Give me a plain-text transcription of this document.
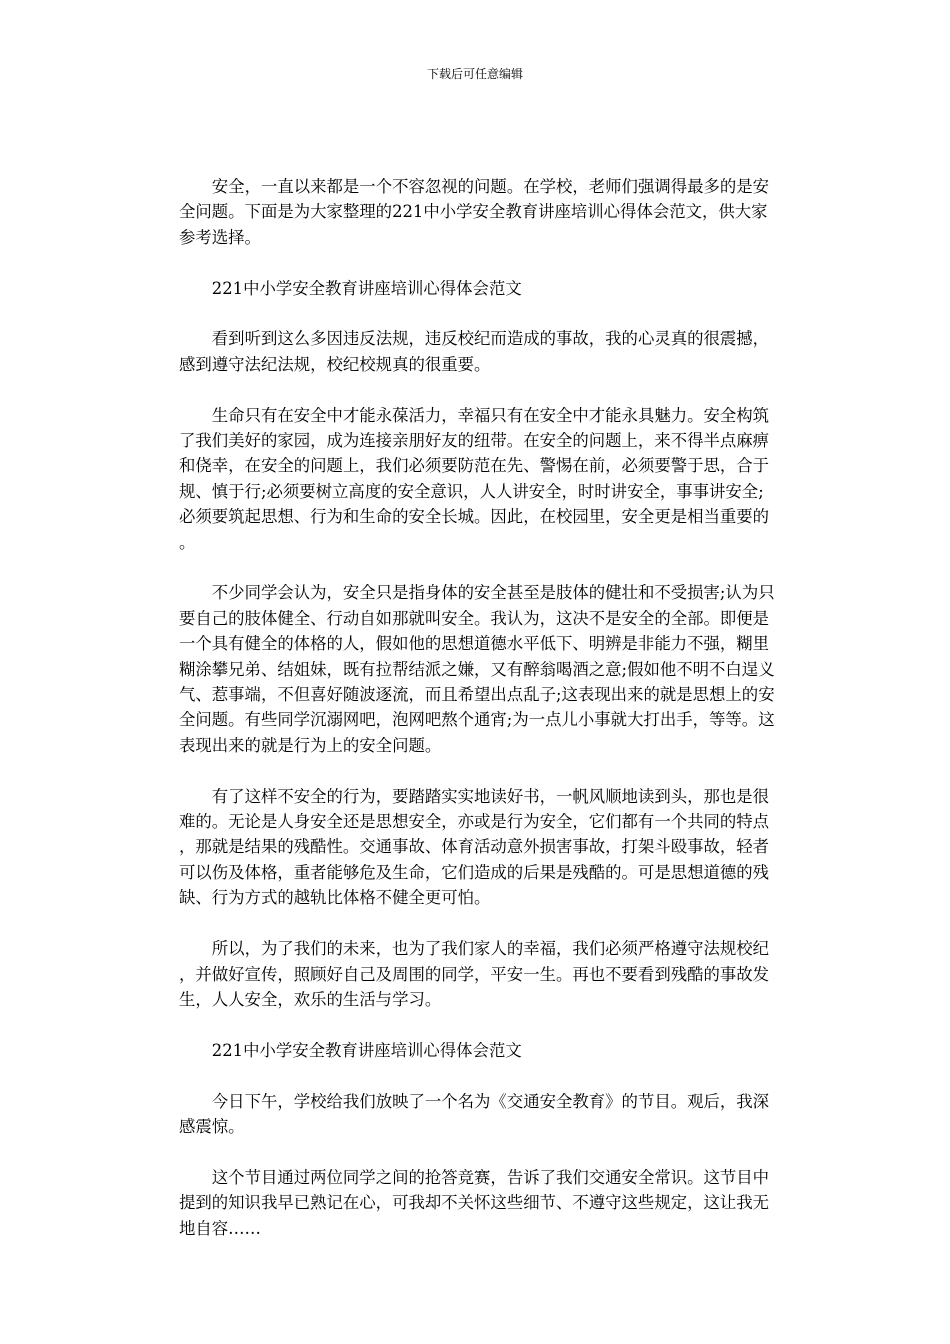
下载后可任意编辑

安全，一直以来都是一个不容忽视的问题。在学校，老师们强调得最多的是安全问题。下面是为大家整理的221中小学安全教育讲座培训心得体会范文，供大家参考选择。

221中小学安全教育讲座培训心得体会范文

看到听到这么多因违反法规，违反校纪而造成的事故，我的心灵真的很震撼，感到遵守法纪法规，校纪校规真的很重要。

生命只有在安全中才能永葆活力，幸福只有在安全中才能永具魅力。安全构筑了我们美好的家园，成为连接亲朋好友的纽带。在安全的问题上，来不得半点麻痹和侥幸，在安全的问题上，我们必须要防范在先、警惕在前，必须要警于思，合于规、慎于行;必须要树立高度的安全意识，人人讲安全，时时讲安全，事事讲安全;必须要筑起思想、行为和生命的安全长城。因此，在校园里，安全更是相当重要的。

不少同学会认为，安全只是指身体的安全甚至是肢体的健壮和不受损害;认为只要自己的肢体健全、行动自如那就叫安全。我认为，这决不是安全的全部。即便是一个具有健全的体格的人，假如他的思想道德水平低下、明辨是非能力不强，糊里糊涂攀兄弟、结姐妹，既有拉帮结派之嫌，又有醉翁喝酒之意;假如他不明不白逞义气、惹事端，不但喜好随波逐流，而且希望出点乱子;这表现出来的就是思想上的安全问题。有些同学沉溺网吧，泡网吧熬个通宵;为一点儿小事就大打出手，等等。这表现出来的就是行为上的安全问题。

有了这样不安全的行为，要踏踏实实地读好书，一帆风顺地读到头，那也是很难的。无论是人身安全还是思想安全，亦或是行为安全，它们都有一个共同的特点，那就是结果的残酷性。交通事故、体育活动意外损害事故，打架斗殴事故，轻者可以伤及体格，重者能够危及生命，它们造成的后果是残酷的。可是思想道德的残缺、行为方式的越轨比体格不健全更可怕。

所以，为了我们的未来，也为了我们家人的幸福，我们必须严格遵守法规校纪，并做好宣传，照顾好自己及周围的同学，平安一生。再也不要看到残酷的事故发生，人人安全，欢乐的生活与学习。

221中小学安全教育讲座培训心得体会范文

今日下午，学校给我们放映了一个名为《交通安全教育》的节目。观后，我深感震惊。

这个节目通过两位同学之间的抢答竞赛，告诉了我们交通安全常识。这节目中提到的知识我早已熟记在心，可我却不关怀这些细节、不遵守这些规定，这让我无地自容……
